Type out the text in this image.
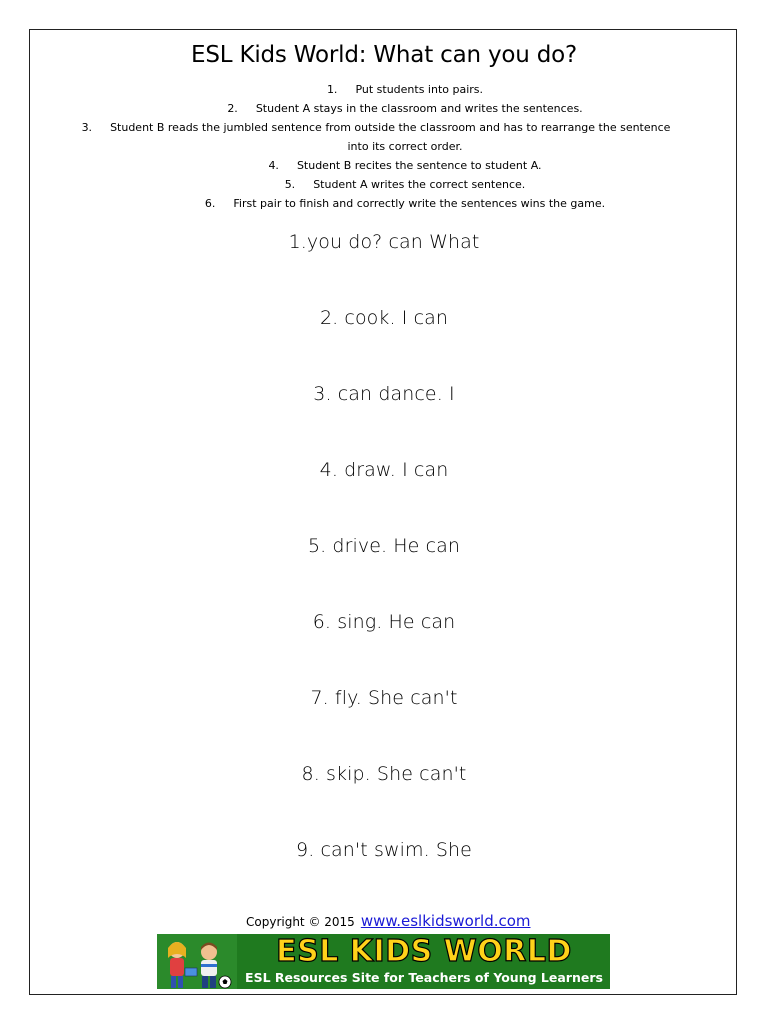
ESL Kids World: What can you do?
1. Put students into pairs.
2. Student A stays in the classroom and writes the sentences.
3. Student B reads the jumbled sentence from outside the classroom and has to rearrange the sentence
into its correct order.
4. Student B recites the sentence to student A.
5. Student A writes the correct sentence.
6. First pair to finish and correctly write the sentences wins the game.
1.you do? can What
2. cook. I can
3. can dance. I
4. draw. I can
5. drive. He can
6. sing. He can
7. fly. She can't
8. skip. She can't
9. can't swim. She
Copyright © 2015 www.eslkidsworld.com
ESL KIDS WORLD
ESL Resources Site for Teachers of Young Learners
